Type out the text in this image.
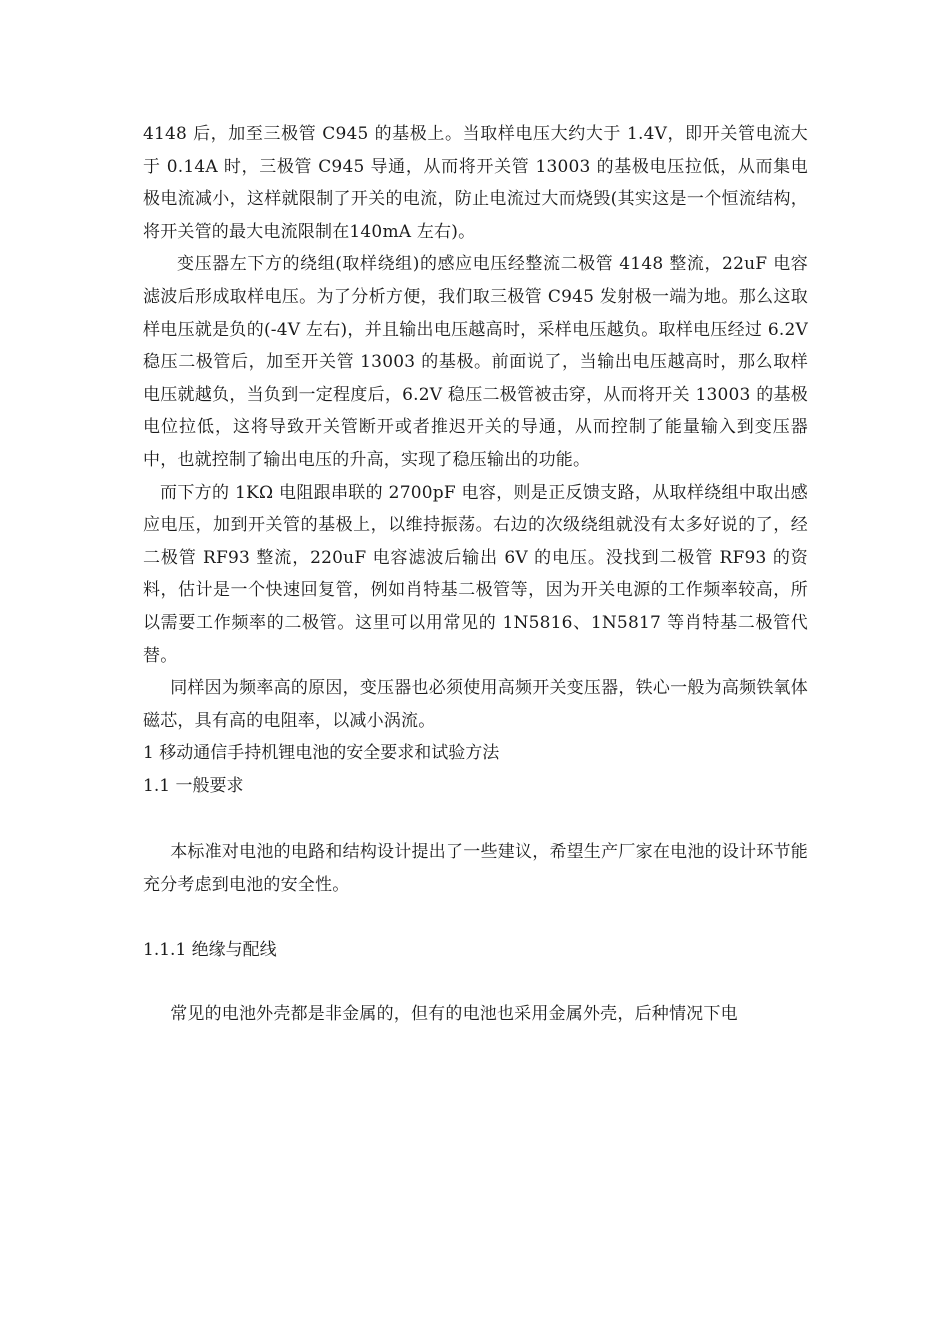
4148 后，加至三极管 C945 的基极上。当取样电压大约大于 1.4V，即开关管电流大于 0.14A 时，三极管 C945 导通，从而将开关管 13003 的基极电压拉低，从而集电极电流减小，这样就限制了开关的电流，防止电流过大而烧毁(其实这是一个恒流结构，将开关管的最大电流限制在140mA 左右)。

变压器左下方的绕组(取样绕组)的感应电压经整流二极管 4148 整流，22uF 电容滤波后形成取样电压。为了分析方便，我们取三极管 C945 发射极一端为地。那么这取样电压就是负的(-4V 左右)，并且输出电压越高时，采样电压越负。取样电压经过 6.2V 稳压二极管后，加至开关管 13003 的基极。前面说了，当输出电压越高时，那么取样电压就越负，当负到一定程度后，6.2V 稳压二极管被击穿，从而将开关 13003 的基极电位拉低，这将导致开关管断开或者推迟开关的导通，从而控制了能量输入到变压器中，也就控制了输出电压的升高，实现了稳压输出的功能。

而下方的 1KΩ 电阻跟串联的 2700pF 电容，则是正反馈支路，从取样绕组中取出感应电压，加到开关管的基极上，以维持振荡。右边的次级绕组就没有太多好说的了，经二极管 RF93 整流，220uF 电容滤波后输出 6V 的电压。没找到二极管 RF93 的资料，估计是一个快速回复管，例如肖特基二极管等，因为开关电源的工作频率较高，所以需要工作频率的二极管。这里可以用常见的 1N5816、1N5817 等肖特基二极管代替。

同样因为频率高的原因，变压器也必须使用高频开关变压器，铁心一般为高频铁氧体磁芯，具有高的电阻率，以减小涡流。

1 移动通信手持机锂电池的安全要求和试验方法

1.1 一般要求

本标准对电池的电路和结构设计提出了一些建议，希望生产厂家在电池的设计环节能充分考虑到电池的安全性。

1.1.1 绝缘与配线

常见的电池外壳都是非金属的，但有的电池也采用金属外壳，后种情况下电
